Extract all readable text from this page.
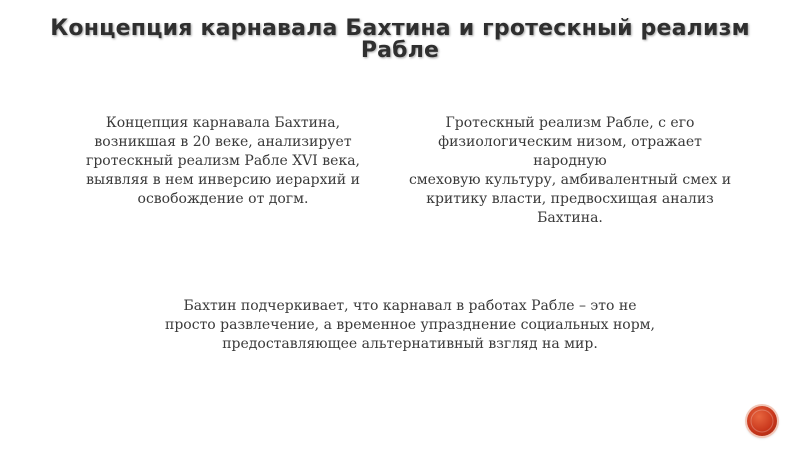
Концепция карнавала Бахтина и гротескный реализм
Рабле
Концепция карнавала Бахтина,
возникшая в 20 веке, анализирует
гротескный реализм Рабле XVI века,
выявляя в нем инверсию иерархий и
освобождение от догм.
Гротескный реализм Рабле, с его
физиологическим низом, отражает народную
смеховую культуру, амбивалентный смех и
критику власти, предвосхищая анализ
Бахтина.
Бахтин подчеркивает, что карнавал в работах Рабле – это не
просто развлечение, а временное упразднение социальных норм,
предоставляющее альтернативный взгляд на мир.
